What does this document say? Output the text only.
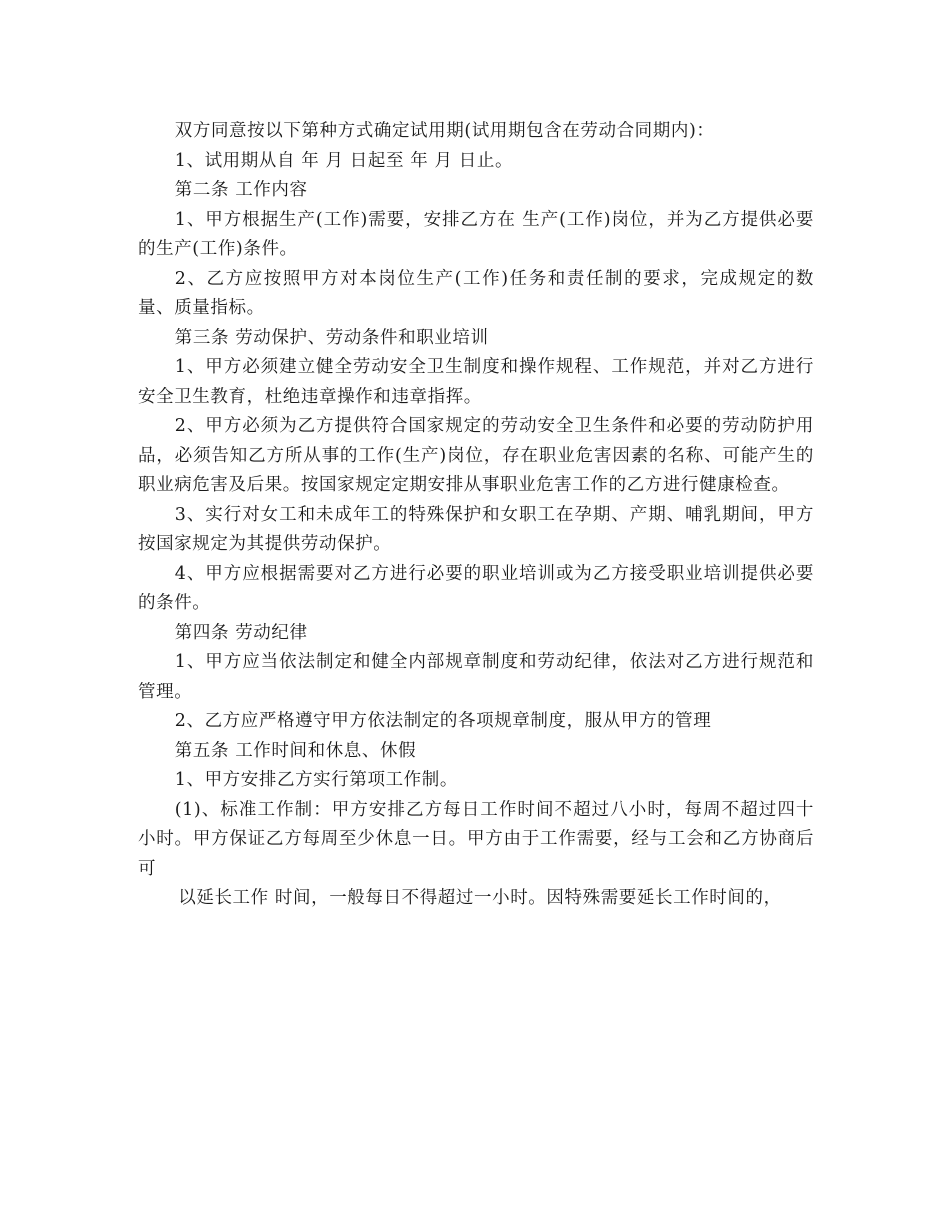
双方同意按以下第种方式确定试用期(试用期包含在劳动合同期内)：

1、试用期从自 年 月 日起至 年 月 日止。

第二条 工作内容

1、甲方根据生产(工作)需要，安排乙方在 生产(工作)岗位，并为乙方提供必要的生产(工作)条件。

2、乙方应按照甲方对本岗位生产(工作)任务和责任制的要求，完成规定的数量、质量指标。

第三条 劳动保护、劳动条件和职业培训

1、甲方必须建立健全劳动安全卫生制度和操作规程、工作规范，并对乙方进行安全卫生教育，杜绝违章操作和违章指挥。

2、甲方必须为乙方提供符合国家规定的劳动安全卫生条件和必要的劳动防护用品，必须告知乙方所从事的工作(生产)岗位，存在职业危害因素的名称、可能产生的职业病危害及后果。按国家规定定期安排从事职业危害工作的乙方进行健康检查。

3、实行对女工和未成年工的特殊保护和女职工在孕期、产期、哺乳期间，甲方按国家规定为其提供劳动保护。

4、甲方应根据需要对乙方进行必要的职业培训或为乙方接受职业培训提供必要的条件。

第四条 劳动纪律

1、甲方应当依法制定和健全内部规章制度和劳动纪律，依法对乙方进行规范和管理。

2、乙方应严格遵守甲方依法制定的各项规章制度，服从甲方的管理

第五条 工作时间和休息、休假

1、甲方安排乙方实行第项工作制。

(1)、标准工作制：甲方安排乙方每日工作时间不超过八小时，每周不超过四十小时。甲方保证乙方每周至少休息一日。甲方由于工作需要，经与工会和乙方协商后可

以延长工作 时间，一般每日不得超过一小时。因特殊需要延长工作时间的，
